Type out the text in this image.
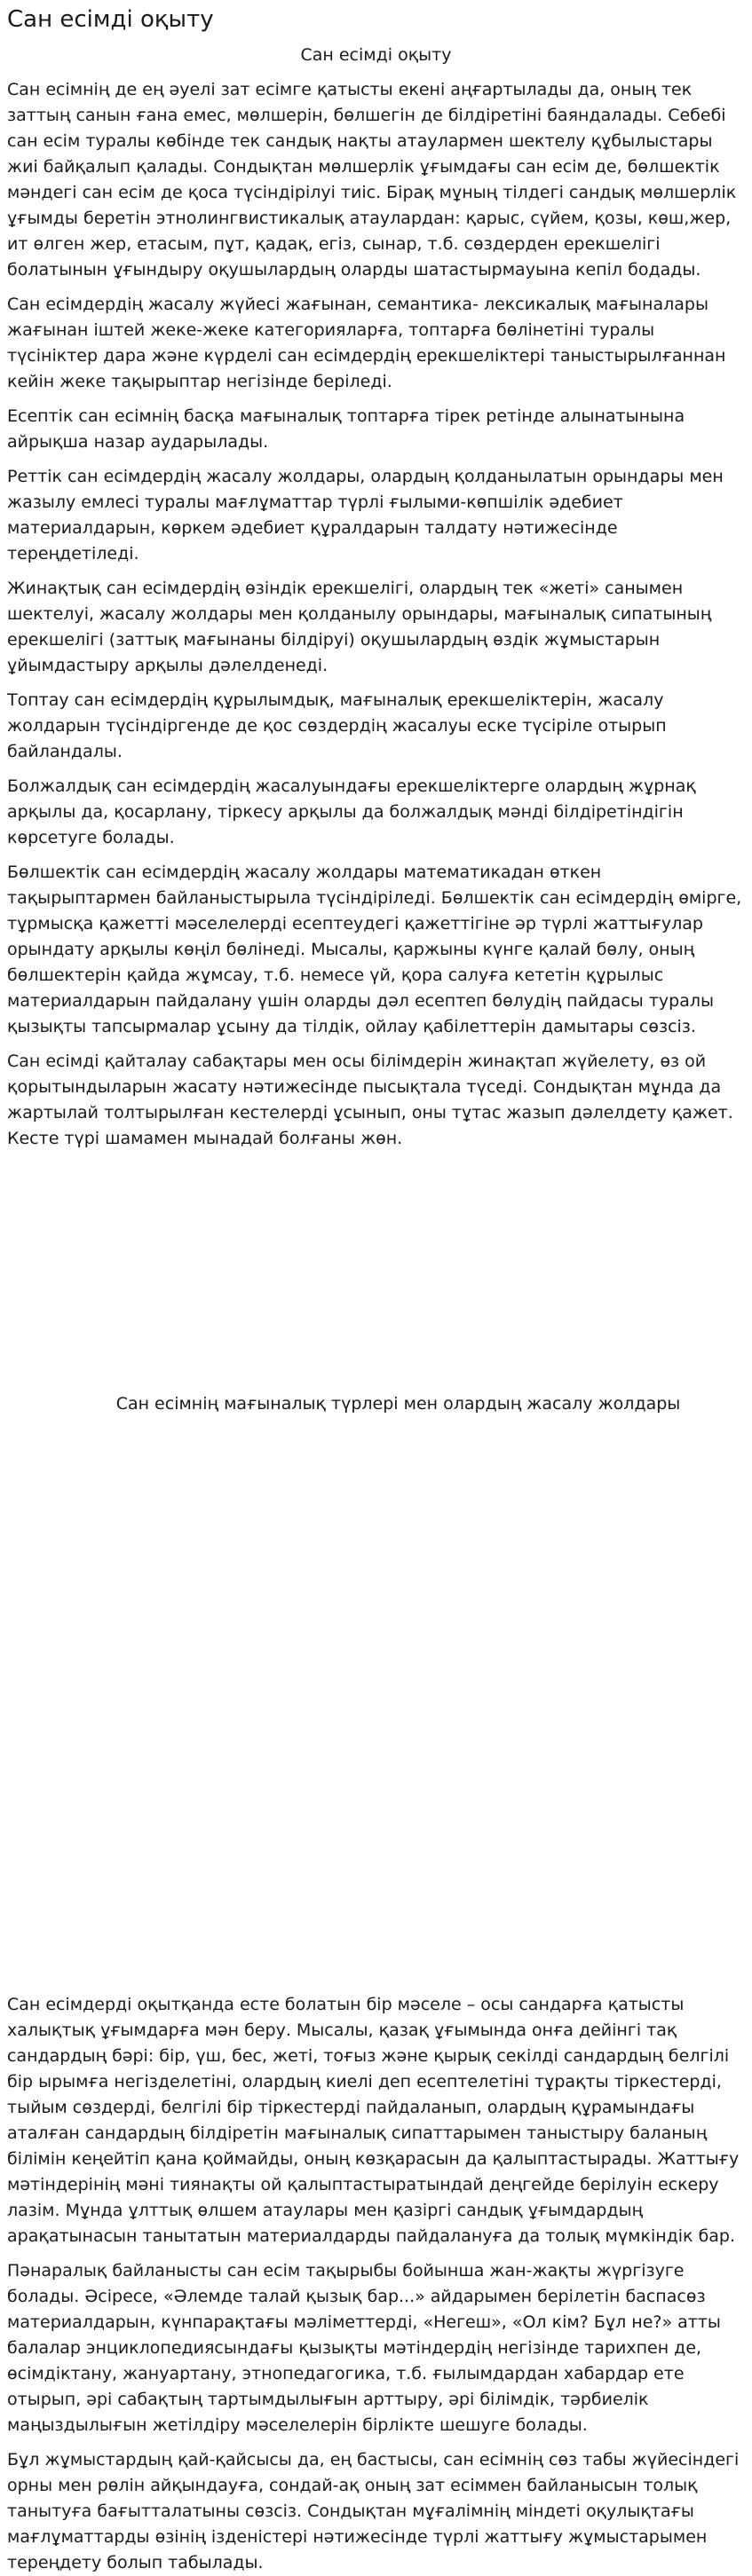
Сан есімді оқыту
Сан есімді оқыту

Сан есімнің де ең әуелі зат есімге қатысты екені аңғартылады да, оның тек заттың санын ғана емес, мөлшерін, бөлшегін де білдіретіні баяндалады. Себебі сан есім туралы көбінде тек сандық нақты атаулармен шектелу құбылыстары жиі байқалып қалады. Сондықтан мөлшерлік ұғымдағы сан есім де, бөлшектік мәндегі сан есім де қоса түсіндірілуі тиіс. Бірақ мұның тілдегі сандық мөлшерлік ұғымды беретін этнолингвистикалық атаулардан: қарыс, сүйем, қозы, көш,жер, ит өлген жер, етасым, пұт, қадақ, егіз, сынар, т.б. сөздерден ерекшелігі болатынын ұғындыру оқушылардың оларды шатастырмауына кепіл бодады.

Сан есімдердің жасалу жүйесі жағынан, семантика- лексикалық мағыналары жағынан іштей жеке-жеке категорияларға, топтарға бөлінетіні туралы түсініктер дара және күрделі сан есімдердің ерекшеліктері таныстырылғаннан кейін жеке тақырыптар негізінде беріледі.

Есептік сан есімнің басқа мағыналық топтарға тірек ретінде алынатынына айрықша назар аударылады.

Реттік сан есімдердің жасалу жолдары, олардың қолданылатын орындары мен жазылу емлесі туралы мағлұматтар түрлі ғылыми-көпшілік әдебиет материалдарын, көркем әдебиет құралдарын талдату нәтижесінде тереңдетіледі.

Жинақтық сан есімдердің өзіндік ерекшелігі, олардың тек «жеті» санымен шектелуі, жасалу жолдары мен қолданылу орындары, мағыналық сипатының ерекшелігі (заттық мағынаны білдіруі) оқушылардың өздік жұмыстарын ұйымдастыру арқылы дәлелденеді.

Топтау сан есімдердің құрылымдық, мағыналық ерекшеліктерін, жасалу жолдарын түсіндіргенде де қос сөздердің жасалуы еске түсіріле отырып байландалы.

Болжалдық сан есімдердің жасалуындағы ерекшеліктерге олардың жұрнақ арқылы да, қосарлану, тіркесу арқылы да болжалдық мәнді білдіретіндігін көрсетуге болады.

Бөлшектік сан есімдердің жасалу жолдары математикадан өткен тақырыптармен байланыстырыла түсіндіріледі. Бөлшектік сан есімдердің өмірге, тұрмысқа қажетті мәселелерді есептеудегі қажеттігіне әр түрлі жаттығулар орындату арқылы көңіл бөлінеді. Мысалы, қаржыны күнге қалай бөлу, оның бөлшектерін қайда жұмсау, т.б. немесе үй, қора салуға кететін құрылыс материалдарын пайдалану үшін оларды дәл есептеп бөлудің пайдасы туралы қызықты тапсырмалар ұсыну да тілдік, ойлау қабілеттерін дамытары сөзсіз.

Сан есімді қайталау сабақтары мен осы білімдерін жинақтап жүйелету, өз ой қорытындыларын жасату нәтижесінде пысықтала түседі. Сондықтан мұнда да жартылай толтырылған кестелерді ұсынып, оны тұтас жазып дәлелдету қажет. Кесте түрі шамамен мынадай болғаны жөн.

Сан есімнің мағыналық түрлері мен олардың жасалу жолдары

Сан есімдерді оқытқанда есте болатын бір мәселе – осы сандарға қатысты халықтық ұғымдарға мән беру. Мысалы, қазақ ұғымында онға дейінгі тақ сандардың бәрі: бір, үш, бес, жеті, тоғыз және қырық секілді сандардың белгілі бір ырымға негізделетіні, олардың киелі деп есептелетіні тұрақты тіркестерді, тыйым сөздерді, белгілі бір тіркестерді пайдаланып, олардың құрамындағы аталған сандардың білдіретін мағыналық сипаттарымен таныстыру баланың білімін кеңейтіп қана қоймайды, оның көзқарасын да қалыптастырады. Жаттығу мәтіндерінің мәні тиянақты ой қалыптастыратындай деңгейде берілуін ескеру лазім. Мұнда ұлттық өлшем атаулары мен қазіргі сандық ұғымдардың арақатынасын танытатын материалдарды пайдалануға да толық мүмкіндік бар.

Пәнаралық байланысты сан есім тақырыбы бойынша жан-жақты жүргізуге болады. Әсіресе, «Әлемде талай қызық бар...» айдарымен берілетін баспасөз материалдарын, күнпарақтағы мәліметтерді, «Негеш», «Ол кім? Бұл не?» атты балалар энциклопедиясындағы қызықты мәтіндердің негізінде тарихпен де, өсімдіктану, жануартану, этнопедагогика, т.б. ғылымдардан хабардар ете отырып, әрі сабақтың тартымдылығын арттыру, әрі білімдік, тәрбиелік маңыздылығын жетілдіру мәселелерін бірлікте шешуге болады.

Бұл жұмыстардың қай-қайсысы да, ең бастысы, сан есімнің сөз табы жүйесіндегі орны мен рөлін айқындауға, сондай-ақ оның зат есіммен байланысын толық танытуға бағытталатыны сөзсіз. Сондықтан мұғалімнің міндеті оқулықтағы мағлұматтарды өзінің ізденістері нәтижесінде түрлі жаттығу жұмыстарымен тереңдету болып табылады.
